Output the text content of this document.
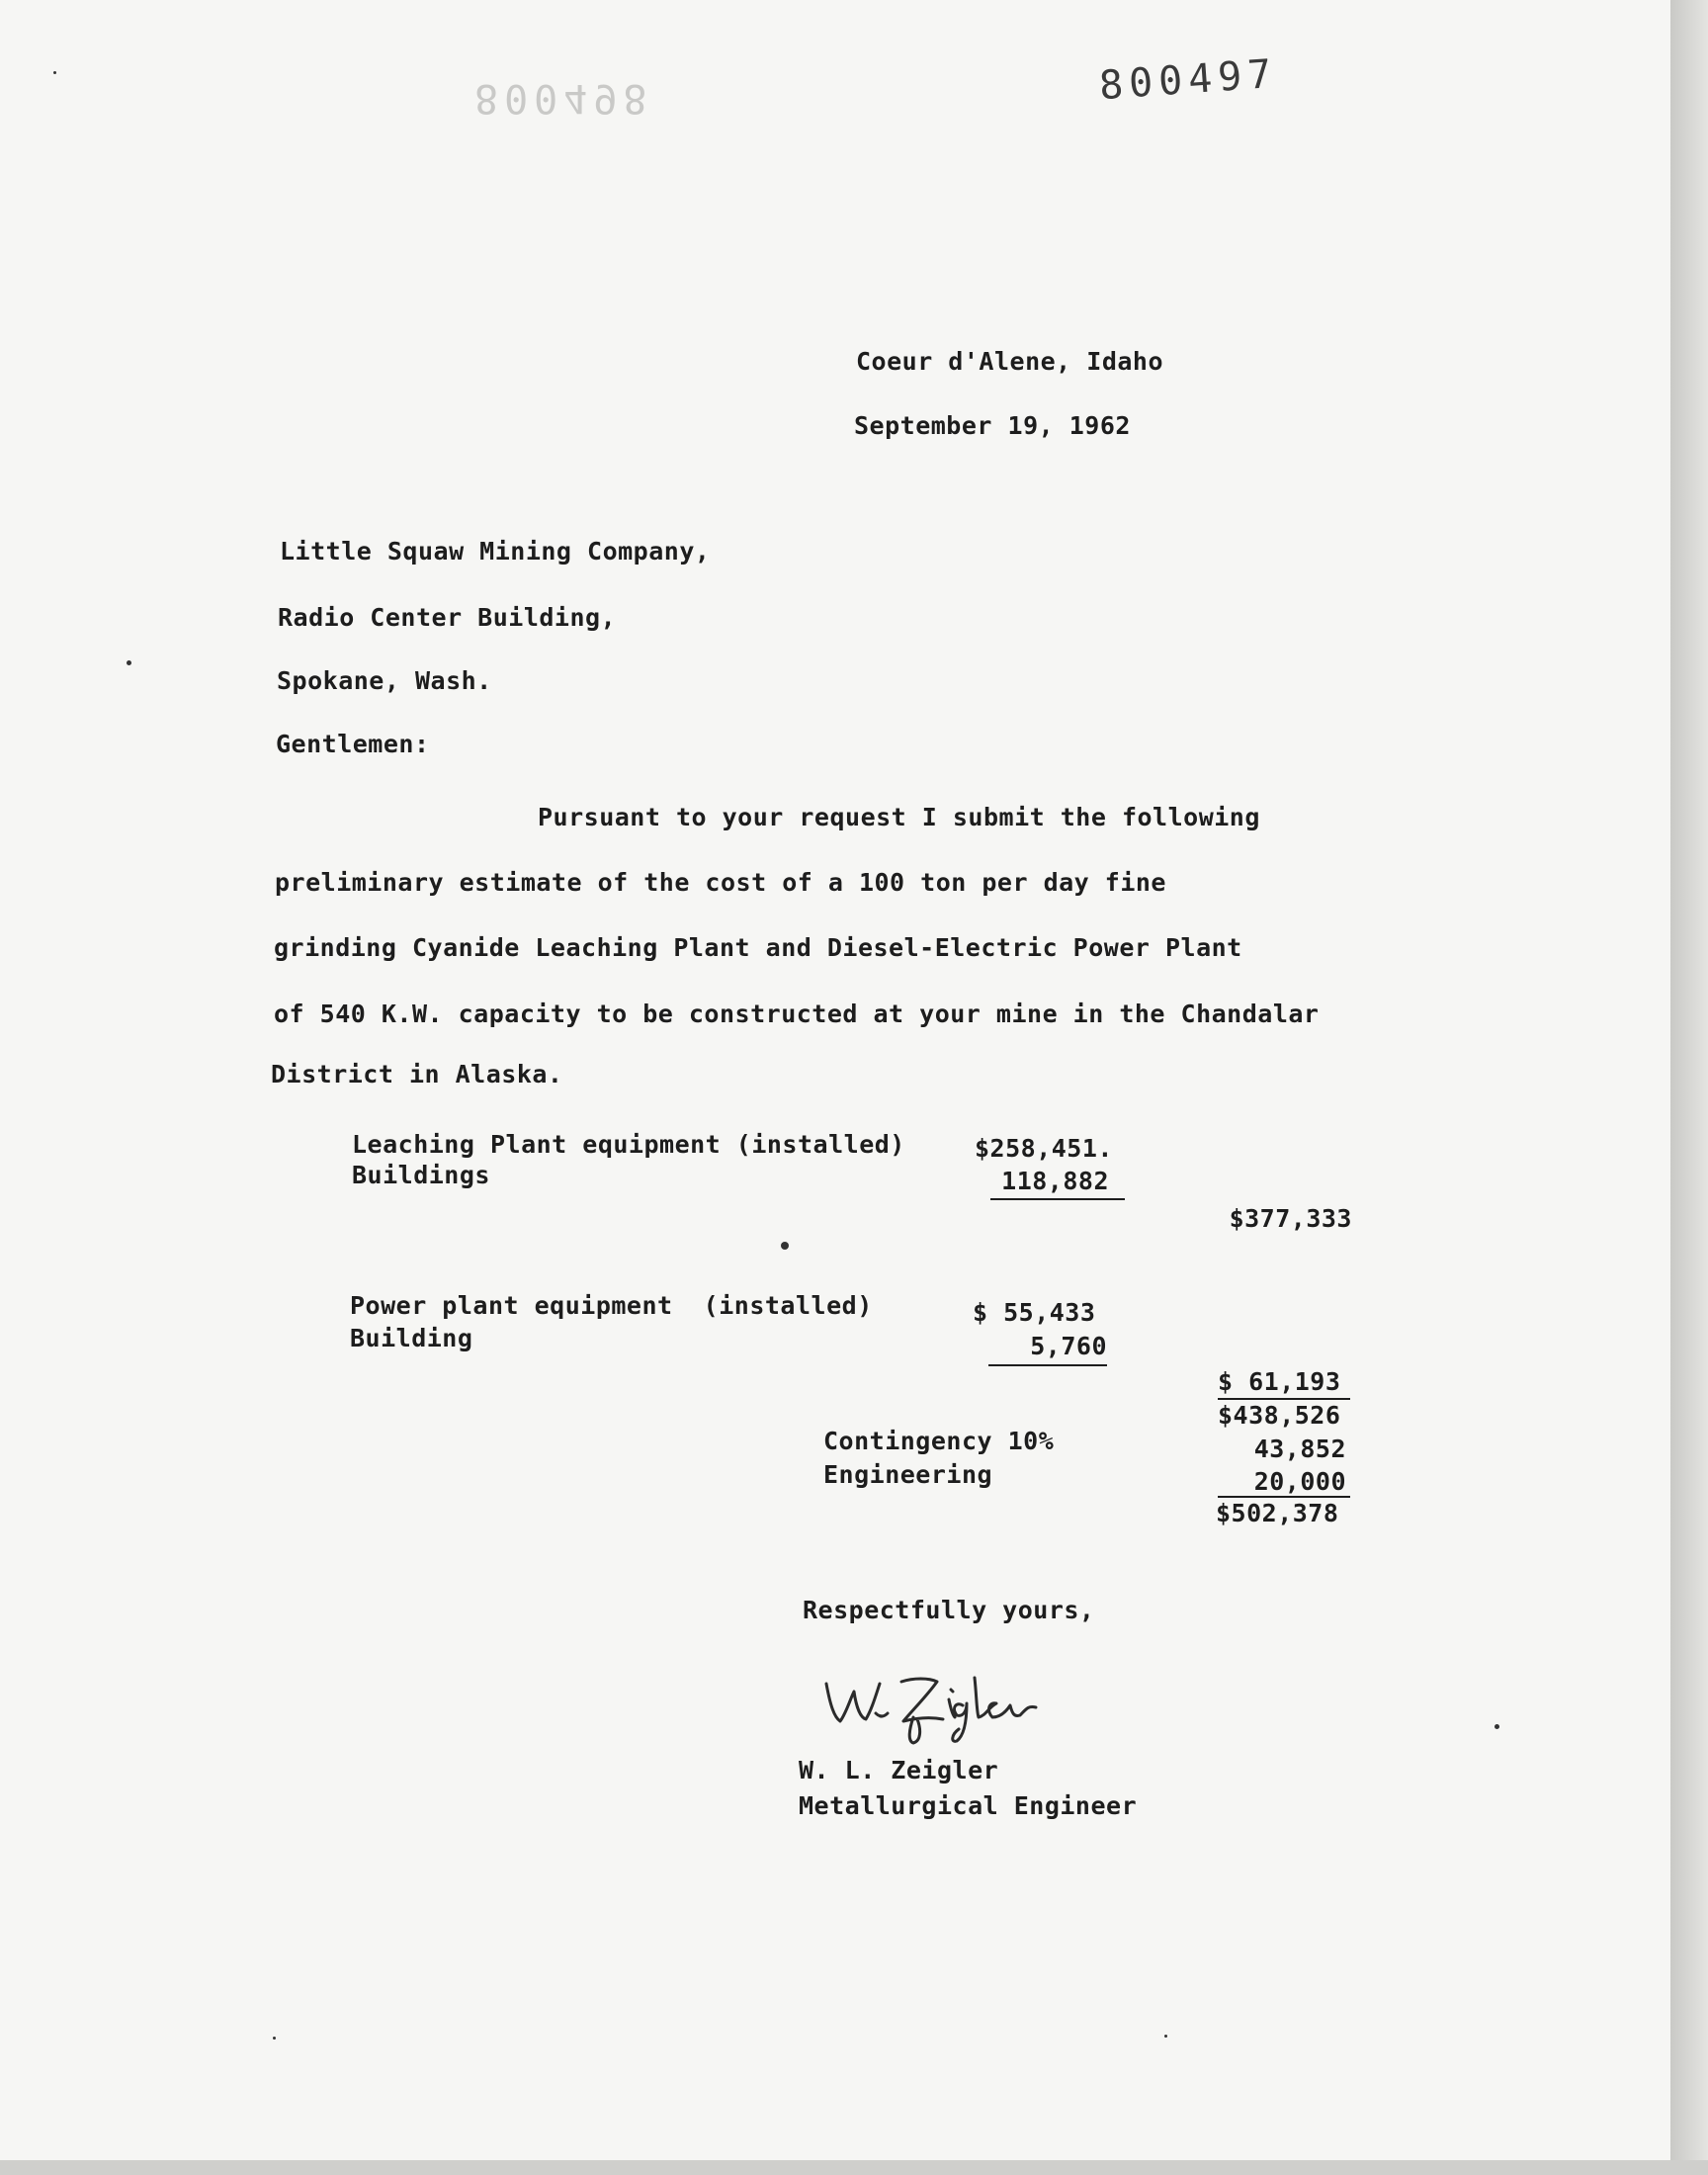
800498	800497
Coeur d'Alene, Idaho
September 19, 1962
Little Squaw Mining Company,
Radio Center Building,
Spokane, Wash.
Gentlemen:
Pursuant to your request I submit the following
preliminary estimate of the cost of a 100 ton per day fine
grinding Cyanide Leaching Plant and Diesel-Electric Power Plant
of 540 K.W. capacity to be constructed at your mine in the Chandalar
District in Alaska.
Leaching Plant equipment (installed)	$258,451.
Buildings	118,882
$377,333
Power plant equipment  (installed)	$ 55,433
Building	5,760
$ 61,193
$438,526
Contingency 10%	43,852
Engineering	20,000
$502,378
Respectfully yours,
W. L. Zeigler
Metallurgical Engineer
